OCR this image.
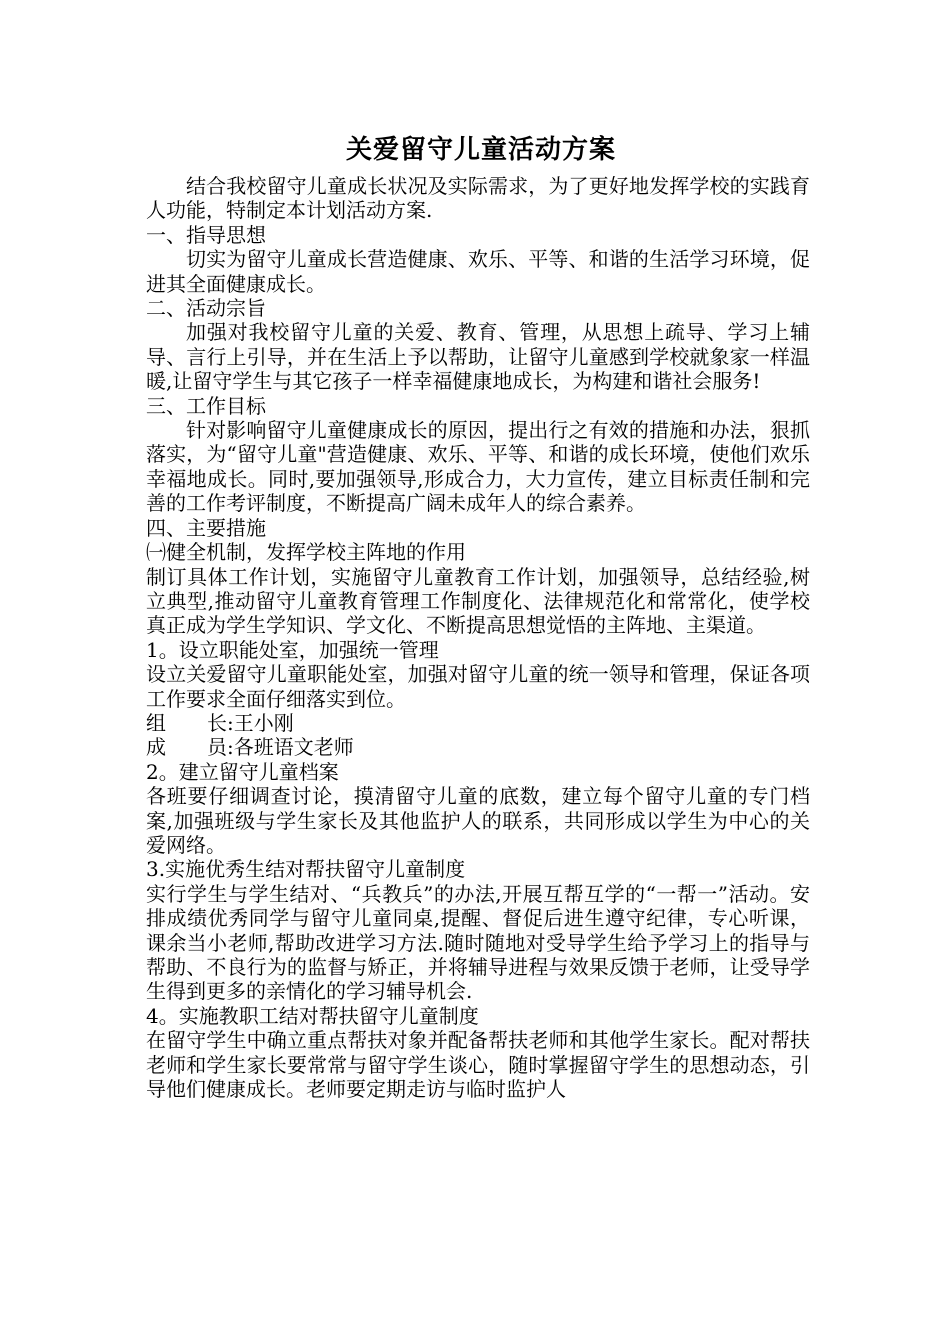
关爱留守儿童活动方案

结合我校留守儿童成长状况及实际需求，为了更好地发挥学校的实践育人功能，特制定本计划活动方案.

一、指导思想

切实为留守儿童成长营造健康、欢乐、平等、和谐的生活学习环境，促进其全面健康成长。

二、活动宗旨

加强对我校留守儿童的关爱、教育、管理，从思想上疏导、学习上辅导、言行上引导，并在生活上予以帮助，让留守儿童感到学校就象家一样温暖,让留守学生与其它孩子一样幸福健康地成长，为构建和谐社会服务!

三、工作目标

针对影响留守儿童健康成长的原因，提出行之有效的措施和办法，狠抓落实，为“留守儿童"营造健康、欢乐、平等、和谐的成长环境，使他们欢乐幸福地成长。同时,要加强领导,形成合力，大力宣传，建立目标责任制和完善的工作考评制度，不断提高广阔未成年人的综合素养。

四、主要措施

㈠健全机制，发挥学校主阵地的作用

制订具体工作计划，实施留守儿童教育工作计划，加强领导，总结经验,树立典型,推动留守儿童教育管理工作制度化、法律规范化和常常化，使学校真正成为学生学知识、学文化、不断提高思想觉悟的主阵地、主渠道。

1。设立职能处室，加强统一管理

设立关爱留守儿童职能处室，加强对留守儿童的统一领导和管理，保证各项工作要求全面仔细落实到位。

组	长:王小刚
成	员:各班语文老师

2。建立留守儿童档案

各班要仔细调查讨论，摸清留守儿童的底数，建立每个留守儿童的专门档案,加强班级与学生家长及其他监护人的联系，共同形成以学生为中心的关爱网络。

3.实施优秀生结对帮扶留守儿童制度

实行学生与学生结对、“兵教兵”的办法,开展互帮互学的“一帮一”活动。安排成绩优秀同学与留守儿童同桌,提醒、督促后进生遵守纪律，专心听课，课余当小老师,帮助改进学习方法.随时随地对受导学生给予学习上的指导与帮助、不良行为的监督与矫正，并将辅导进程与效果反馈于老师，让受导学生得到更多的亲情化的学习辅导机会.

4。实施教职工结对帮扶留守儿童制度

在留守学生中确立重点帮扶对象并配备帮扶老师和其他学生家长。配对帮扶老师和学生家长要常常与留守学生谈心，随时掌握留守学生的思想动态，引导他们健康成长。老师要定期走访与临时监护人
